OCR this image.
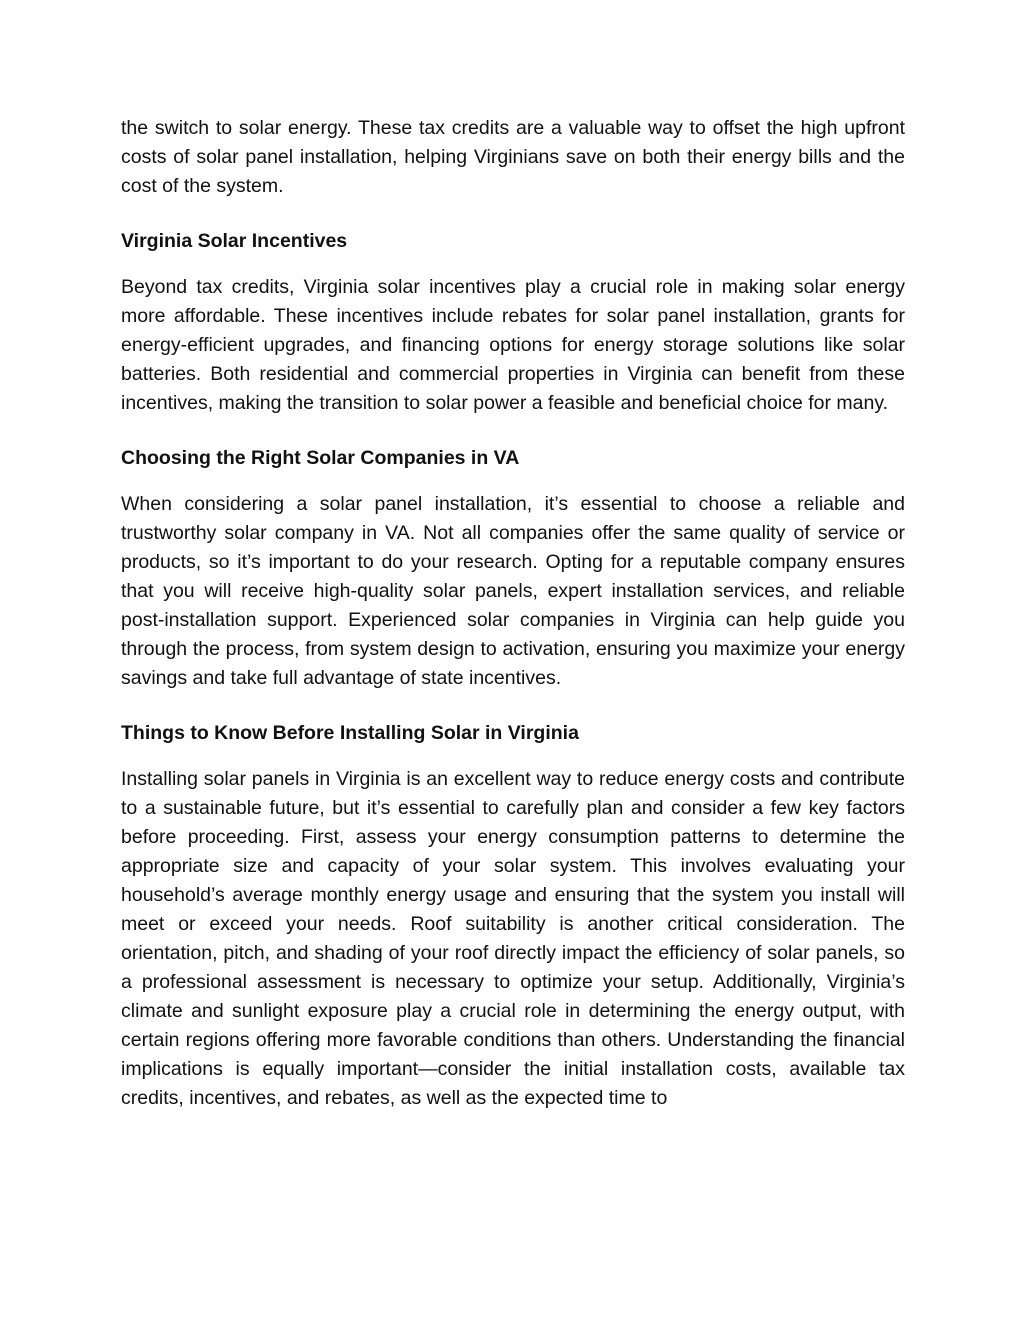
the switch to solar energy. These tax credits are a valuable way to offset the high upfront costs of solar panel installation, helping Virginians save on both their energy bills and the cost of the system.

Virginia Solar Incentives

Beyond tax credits, Virginia solar incentives play a crucial role in making solar energy more affordable. These incentives include rebates for solar panel installation, grants for energy-efficient upgrades, and financing options for energy storage solutions like solar batteries. Both residential and commercial properties in Virginia can benefit from these incentives, making the transition to solar power a feasible and beneficial choice for many.

Choosing the Right Solar Companies in VA

When considering a solar panel installation, it’s essential to choose a reliable and trustworthy solar company in VA. Not all companies offer the same quality of service or products, so it’s important to do your research. Opting for a reputable company ensures that you will receive high-quality solar panels, expert installation services, and reliable post-installation support. Experienced solar companies in Virginia can help guide you through the process, from system design to activation, ensuring you maximize your energy savings and take full advantage of state incentives.

Things to Know Before Installing Solar in Virginia

Installing solar panels in Virginia is an excellent way to reduce energy costs and contribute to a sustainable future, but it’s essential to carefully plan and consider a few key factors before proceeding. First, assess your energy consumption patterns to determine the appropriate size and capacity of your solar system. This involves evaluating your household’s average monthly energy usage and ensuring that the system you install will meet or exceed your needs. Roof suitability is another critical consideration. The orientation, pitch, and shading of your roof directly impact the efficiency of solar panels, so a professional assessment is necessary to optimize your setup. Additionally, Virginia’s climate and sunlight exposure play a crucial role in determining the energy output, with certain regions offering more favorable conditions than others. Understanding the financial implications is equally important—consider the initial installation costs, available tax credits, incentives, and rebates, as well as the expected time to
